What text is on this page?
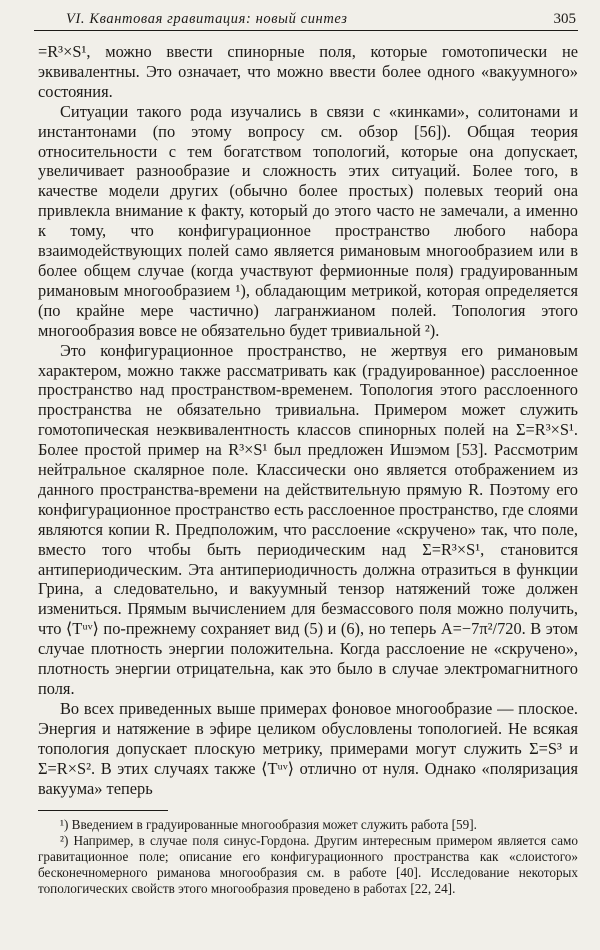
VI. Квантовая гравитация: новый синтез	305

=R³×S¹, можно ввести спинорные поля, которые гомотопически не эквивалентны. Это означает, что можно ввести более одного «вакуумного» состояния.

Ситуации такого рода изучались в связи с «кинками», солитонами и инстантонами (по этому вопросу см. обзор [56]). Общая теория относительности с тем богатством топологий, которые она допускает, увеличивает разнообразие и сложность этих ситуаций. Более того, в качестве модели других (обычно более простых) полевых теорий она привлекла внимание к факту, который до этого часто не замечали, а именно к тому, что конфигурационное пространство любого набора взаимодействующих полей само является римановым многообразием или в более общем случае (когда участвуют фермионные поля) градуированным римановым многообразием ¹), обладающим метрикой, которая определяется (по крайне мере частично) лагранжианом полей. Топология этого многообразия вовсе не обязательно будет тривиальной ²).

Это конфигурационное пространство, не жертвуя его римановым характером, можно также рассматривать как (градуированное) расслоенное пространство над пространством-временем. Топология этого расслоенного пространства не обязательно тривиальна. Примером может служить гомотопическая неэквивалентность классов спинорных полей на Σ=R³×S¹. Более простой пример на R³×S¹ был предложен Ишэмом [53]. Рассмотрим нейтральное скалярное поле. Классически оно является отображением из данного пространства-времени на действительную прямую R. Поэтому его конфигурационное пространство есть расслоенное пространство, где слоями являются копии R. Предположим, что расслоение «скручено» так, что поле, вместо того чтобы быть периодическим над Σ=R³×S¹, становится антипериодическим. Эта антипериодичность должна отразиться в функции Грина, а следовательно, и вакуумный тензор натяжений тоже должен измениться. Прямым вычислением для безмассового поля можно получить, что ⟨Tᵘᵛ⟩ по-прежнему сохраняет вид (5) и (6), но теперь A=−7π²/720. В этом случае плотность энергии положительна. Когда расслоение не «скручено», плотность энергии отрицательна, как это было в случае электромагнитного поля.

Во всех приведенных выше примерах фоновое многообразие — плоское. Энергия и натяжение в эфире целиком обусловлены топологией. Не всякая топология допускает плоскую метрику, примерами могут служить Σ=S³ и Σ=R×S². В этих случаях также ⟨Tᵘᵛ⟩ отлично от нуля. Однако «поляризация вакуума» теперь

¹) Введением в градуированные многообразия может служить работа [59].

²) Например, в случае поля синус-Гордона. Другим интересным примером является само гравитационное поле; описание его конфигурационного пространства как «слоистого» бесконечномерного риманова многообразия см. в работе [40]. Исследование некоторых топологических свойств этого многообразия проведено в работах [22, 24].
